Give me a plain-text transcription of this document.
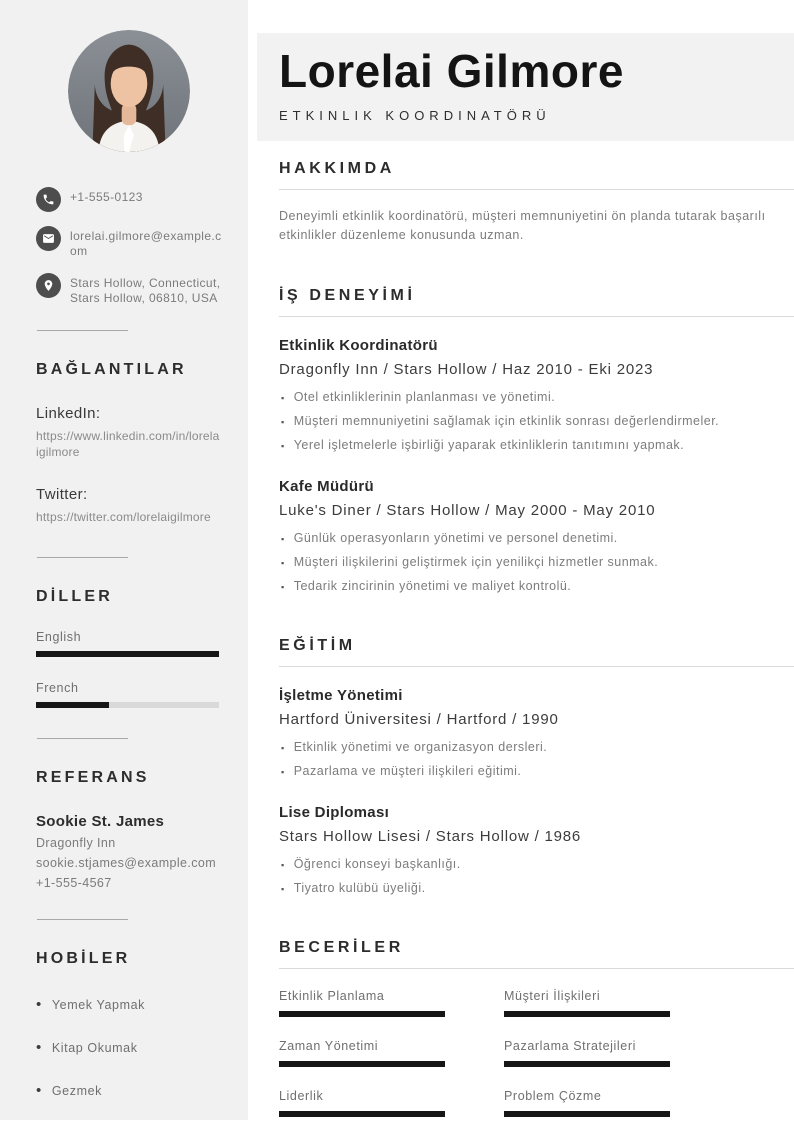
+1-555-0123
lorelai.gilmore@example.com
Stars Hollow, Connecticut, Stars Hollow, 06810, USA
BAĞLANTILAR
LinkedIn:
https://www.linkedin.com/in/lorelaigilmore
Twitter:
https://twitter.com/lorelaigilmore
DİLLER
English
French
REFERANS
Sookie St. James
Dragonfly Inn
sookie.stjames@example.com
+1-555-4567
HOBİLER
• Yemek Yapmak
• Kitap Okumak
• Gezmek
Lorelai Gilmore
ETKINLIK KOORDINATÖRÜ
HAKKIMDA

Deneyimli etkinlik koordinatörü, müşteri memnuniyetini ön planda tutarak başarılı etkinlikler düzenleme konusunda uzman.

İŞ DENEYİMİ
Etkinlik Koordinatörü
Dragonfly Inn / Stars Hollow / Haz 2010 - Eki 2023
▪ Otel etkinliklerinin planlanması ve yönetimi.
▪ Müşteri memnuniyetini sağlamak için etkinlik sonrası değerlendirmeler.
▪ Yerel işletmelerle işbirliği yaparak etkinliklerin tanıtımını yapmak.
Kafe Müdürü
Luke's Diner / Stars Hollow / May 2000 - May 2010
▪ Günlük operasyonların yönetimi ve personel denetimi.
▪ Müşteri ilişkilerini geliştirmek için yenilikçi hizmetler sunmak.
▪ Tedarik zincirinin yönetimi ve maliyet kontrolü.
EĞİTİM
İşletme Yönetimi
Hartford Üniversitesi / Hartford / 1990
▪ Etkinlik yönetimi ve organizasyon dersleri.
▪ Pazarlama ve müşteri ilişkileri eğitimi.
Lise Diploması
Stars Hollow Lisesi / Stars Hollow / 1986
▪ Öğrenci konseyi başkanlığı.
▪ Tiyatro kulübü üyeliği.
BECERİLER
Etkinlik Planlama
Zaman Yönetimi
Liderlik
Müşteri İlişkileri
Pazarlama Stratejileri
Problem Çözme
